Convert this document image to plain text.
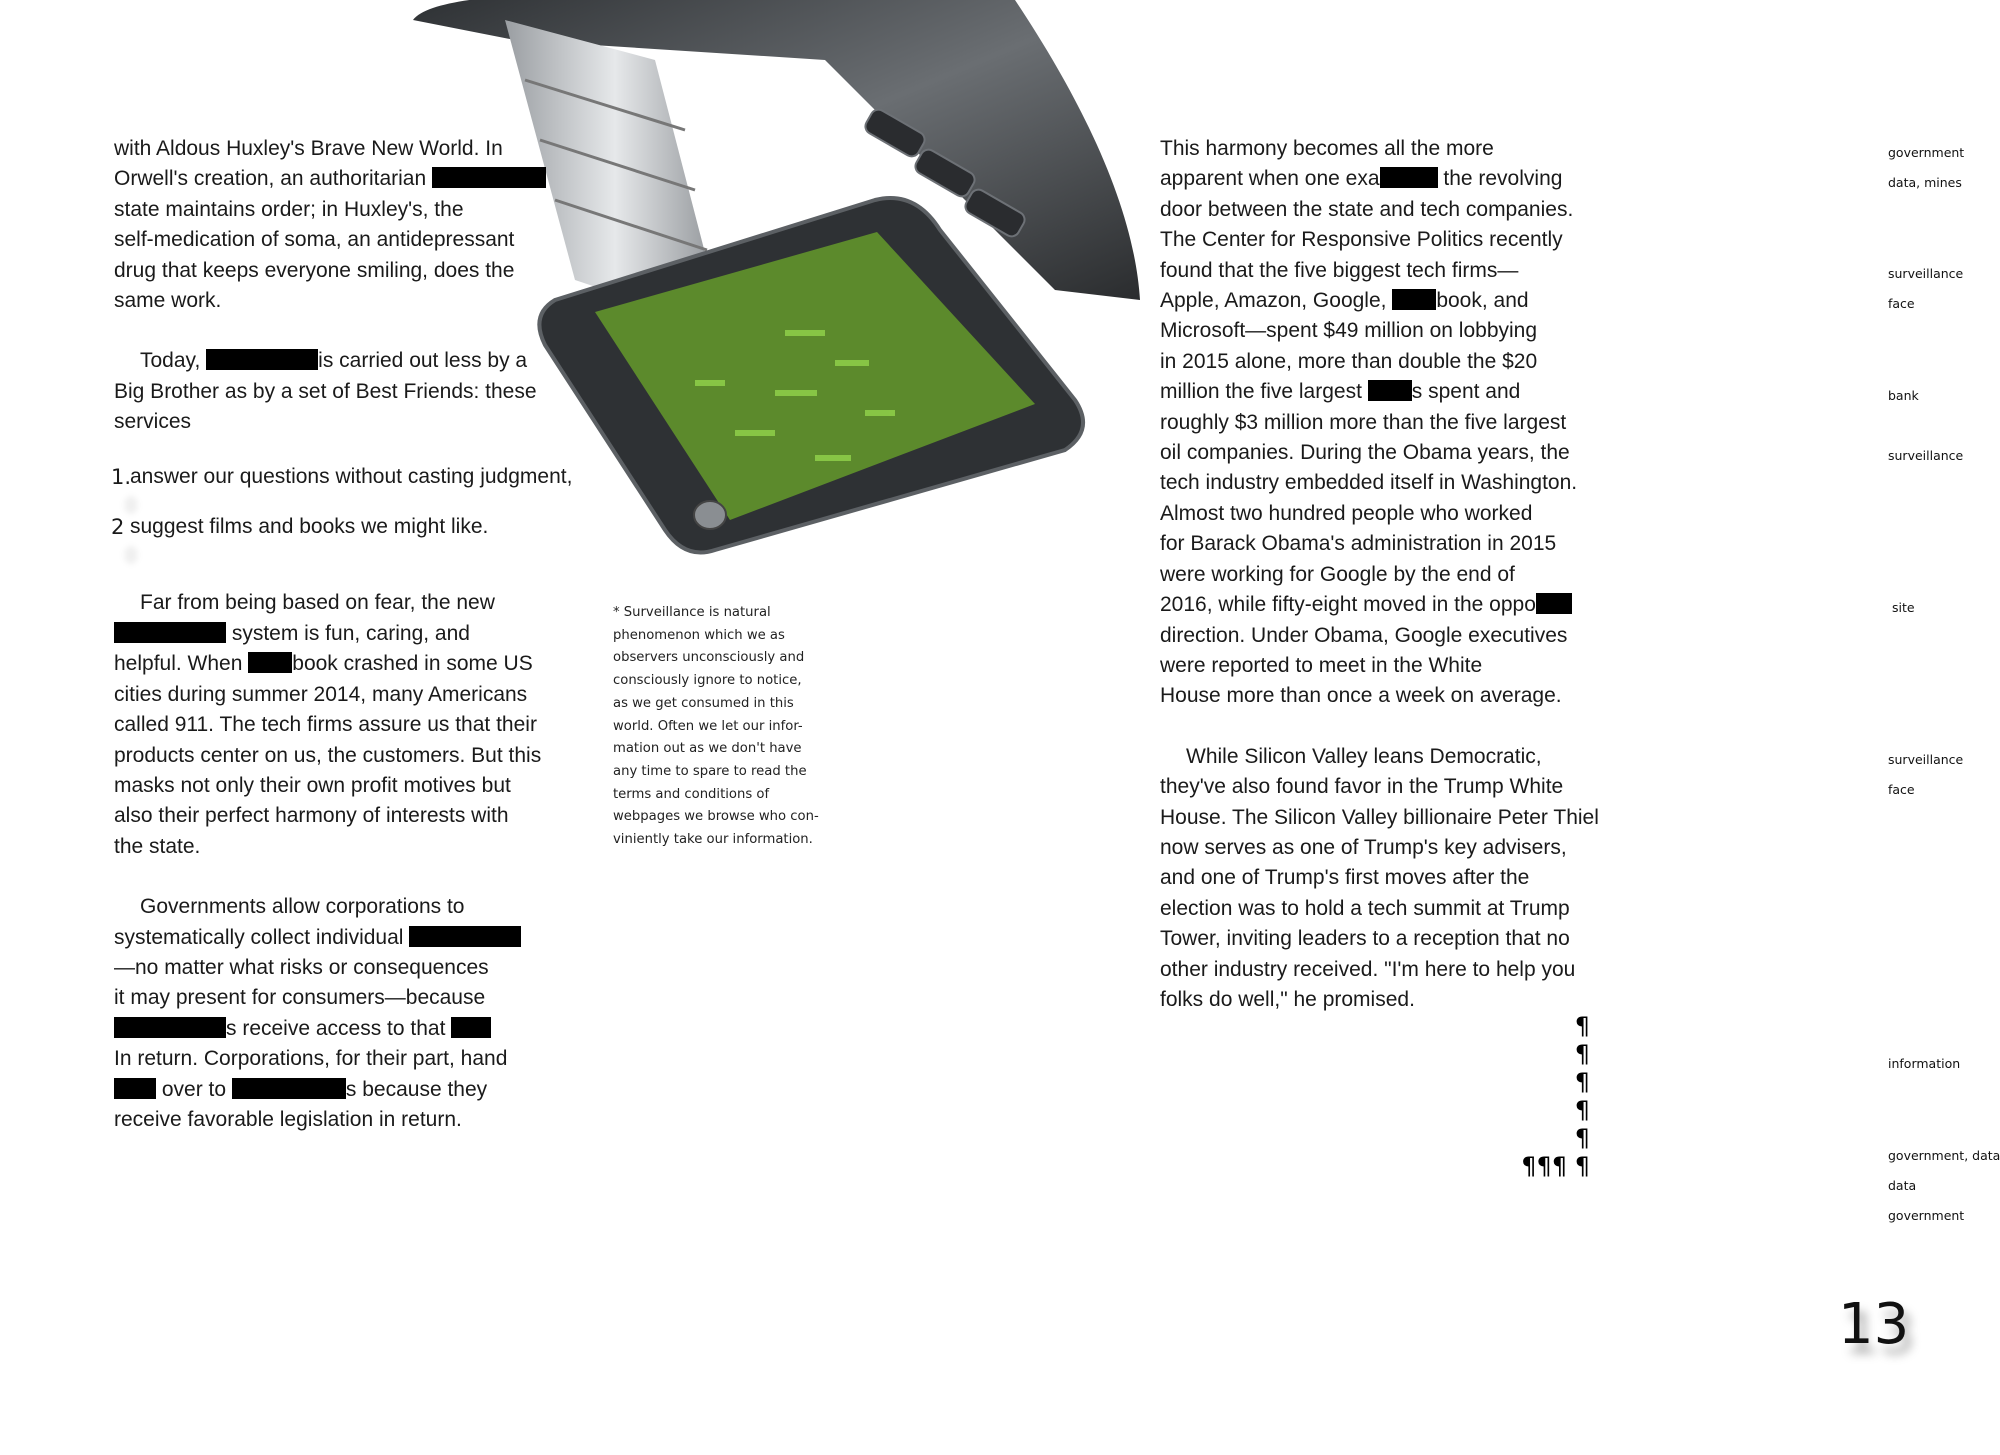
with Aldous Huxley's Brave New World. In
Orwell's creation, an authoritarian
state maintains order; in Huxley's, the
self-medication of soma, an antidepressant
drug that keeps everyone smiling, does the
same work.

Today,	is carried out less by a
Big Brother as by a set of Best Friends: these
services

1.
answer our questions without casting judgment,
2 suggest films and books we might like.

Far from being based on fear, the new
system is fun, caring, and
helpful. When book crashed in some US
cities during summer 2014, many Americans
called 911. The tech firms assure us that their
products center on us, the customers. But this
masks not only their own profit motives but
also their perfect harmony of interests with
the state.

Governments allow corporations to
systematically collect individual
—no matter what risks or consequences
it may present for consumers—because
s receive access to that
In return. Corporations, for their part, hand
over to	s because they
receive favorable legislation in return.

* Surveillance is natural
phenomenon which we as
observers unconsciously and
consciously ignore to notice,
as we get consumed in this
world. Often we let our infor-
mation out as we don't have
any time to spare to read the
terms and conditions of
webpages we browse who con-
viniently take our information.

This harmony becomes all the more
apparent when one exa	the revolving
door between the state and tech companies.
The Center for Responsive Politics recently
found that the five biggest tech firms—
Apple, Amazon, Google, book, and
Microsoft—spent $49 million on lobbying
in 2015 alone, more than double the $20
million the five largest s spent and
roughly $3 million more than the five largest
oil companies. During the Obama years, the
tech industry embedded itself in Washington.
Almost two hundred people who worked
for Barack Obama's administration in 2015
were working for Google by the end of
2016, while fifty-eight moved in the oppo
direction. Under Obama, Google executives
were reported to meet in the White
House more than once a week on average.

While Silicon Valley leans Democratic,
they've also found favor in the Trump White
House. The Silicon Valley billionaire Peter Thiel
now serves as one of Trump's key advisers,
and one of Trump's first moves after the
election was to hold a tech summit at Trump
Tower, inviting leaders to a reception that no
other industry received. "I'm here to help you
folks do well," he promised.

¶
¶
¶
¶
¶
¶¶¶ ¶
government
data, mines
surveillance
face
bank
surveillance
site
surveillance
face
information
government, data
data
government
13
